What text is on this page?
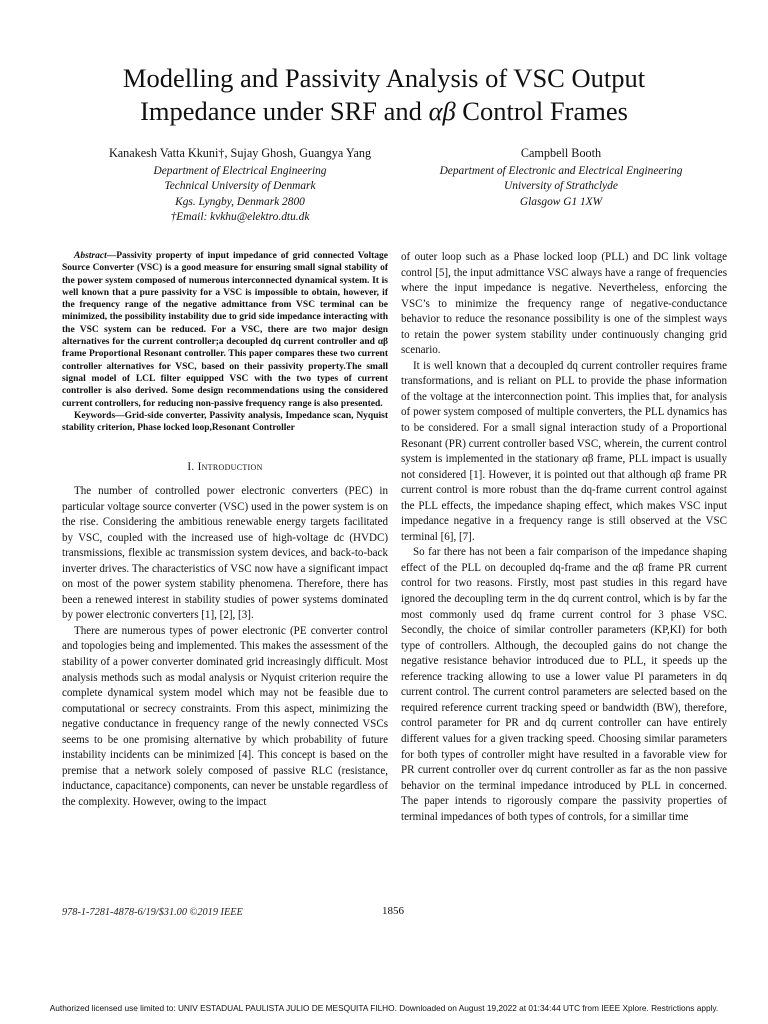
Modelling and Passivity Analysis of VSC Output
Impedance under SRF and αβ Control Frames
Kanakesh Vatta Kkuni†, Sujay Ghosh, Guangya Yang
Department of Electrical Engineering
Technical University of Denmark
Kgs. Lyngby, Denmark 2800
†Email: kvkhu@elektro.dtu.dk
Campbell Booth
Department of Electronic and Electrical Engineering
University of Strathclyde
Glasgow G1 1XW

Abstract—Passivity property of input impedance of grid connected Voltage Source Converter (VSC) is a good measure for ensuring small signal stability of the power system composed of numerous interconnected dynamical system. It is well known that a pure passivity for a VSC is impossible to obtain, however, if the frequency range of the negative admittance from VSC terminal can be minimized, the possibility instability due to grid side impedance interacting with the VSC system can be reduced. For a VSC, there are two major design alternatives for the current controller;a decoupled dq current controller and αβ frame Proportional Resonant controller. This paper compares these two current controller alternatives for VSC, based on their passivity property.The small signal model of LCL filter equipped VSC with the two types of current controller is also derived. Some design recommendations using the considered current controllers, for reducing non-passive frequency range is also presented.

Keywords—Grid-side converter, Passivity analysis, Impedance scan, Nyquist stability criterion, Phase locked loop,Resonant Controller

I. Introduction

The number of controlled power electronic converters (PEC) in particular voltage source converter (VSC) used in the power system is on the rise. Considering the ambitious renewable energy targets facilitated by VSC, coupled with the increased use of high-voltage dc (HVDC) transmissions, flexible ac transmission system devices, and back-to-back inverter drives. The characteristics of VSC now have a significant impact on most of the power system stability phenomena. Therefore, there has been a renewed interest in stability studies of power systems dominated by power electronic converters [1], [2], [3].

There are numerous types of power electronic (PE converter control and topologies being and implemented. This makes the assessment of the stability of a power converter dominated grid increasingly difficult. Most analysis methods such as modal analysis or Nyquist criterion require the complete dynamical system model which may not be feasible due to computational or secrecy constraints. From this aspect, minimizing the negative conductance in frequency range of the newly connected VSCs seems to be one promising alternative by which probability of future instability incidents can be minimized [4]. This concept is based on the premise that a network solely composed of passive RLC (resistance, inductance, capacitance) components, can never be unstable regardless of the complexity. However, owing to the impact

of outer loop such as a Phase locked loop (PLL) and DC link voltage control [5], the input admittance VSC always have a range of frequencies where the input impedance is negative. Nevertheless, enforcing the VSC’s to minimize the frequency range of negative-conductance behavior to reduce the resonance possibility is one of the simplest ways to retain the power system stability under continuously changing grid scenario.

It is well known that a decoupled dq current controller requires frame transformations, and is reliant on PLL to provide the phase information of the voltage at the interconnection point. This implies that, for analysis of power system composed of multiple converters, the PLL dynamics has to be considered. For a small signal interaction study of a Proportional Resonant (PR) current controller based VSC, wherein, the current control system is implemented in the stationary αβ frame, PLL impact is usually not considered [1]. However, it is pointed out that although αβ frame PR current control is more robust than the dq-frame current control against the PLL effects, the impedance shaping effect, which makes VSC input impedance negative in a frequency range is still observed at the VSC terminal [6], [7].

So far there has not been a fair comparison of the impedance shaping effect of the PLL on decoupled dq-frame and the αβ frame PR current control for two reasons. Firstly, most past studies in this regard have ignored the decoupling term in the dq current control, which is by far the most commonly used dq frame current control for 3 phase VSC. Secondly, the choice of similar controller parameters (KP,KI) for both type of controllers. Although, the decoupled gains do not change the negative resistance behavior introduced due to PLL, it speeds up the reference tracking allowing to use a lower value PI parameters in dq current control. The current control parameters are selected based on the required reference current tracking speed or bandwidth (BW), therefore, control parameter for PR and dq current controller can have entirely different values for a given tracking speed. Choosing similar parameters for both types of controller might have resulted in a favorable view for PR current controller over dq current controller as far as the non passive behavior on the terminal impedance introduced by PLL in concerned. The paper intends to rigorously compare the passivity properties of terminal impedances of both types of controls, for a simillar time

978-1-7281-4878-6/19/$31.00 ©2019 IEEE	1856
Authorized licensed use limited to: UNIV ESTADUAL PAULISTA JULIO DE MESQUITA FILHO. Downloaded on August 19,2022 at 01:34:44 UTC from IEEE Xplore. Restrictions apply.
